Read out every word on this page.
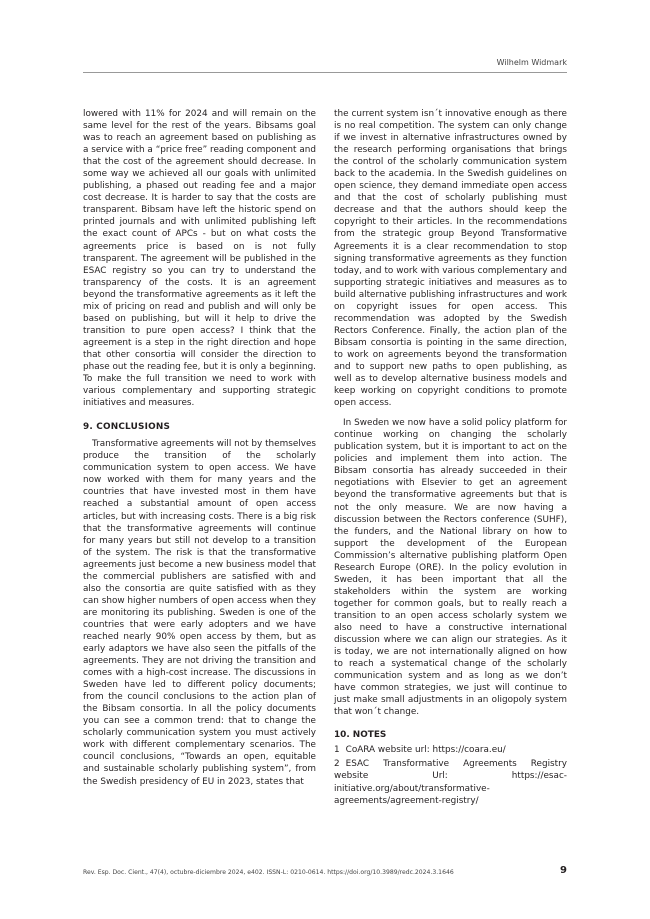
Wilhelm Widmark

lowered with 11% for 2024 and will remain on the same level for the rest of the years. Bibsams goal was to reach an agreement based on publishing as a service with a “price free” reading component and that the cost of the agreement should decrease. In some way we achieved all our goals with unlimited publishing, a phased out reading fee and a major cost decrease. It is harder to say that the costs are transparent. Bibsam have left the historic spend on printed journals and with unlimited publishing left the exact count of APCs - but on what costs the agreements price is based on is not fully transparent. The agreement will be published in the ESAC registry so you can try to understand the transparency of the costs. It is an agreement beyond the transformative agreements as it left the mix of pricing on read and publish and will only be based on publishing, but will it help to drive the transition to pure open access? I think that the agreement is a step in the right direction and hope that other consortia will consider the direction to phase out the reading fee, but it is only a beginning. To make the full transition we need to work with various complementary and supporting strategic initiatives and measures.

9. CONCLUSIONS

Transformative agreements will not by themselves produce the transition of the scholarly communication system to open access. We have now worked with them for many years and the countries that have invested most in them have reached a substantial amount of open access articles, but with increasing costs. There is a big risk that the transformative agreements will continue for many years but still not develop to a transition of the system. The risk is that the transformative agreements just become a new business model that the commercial publishers are satisfied with and also the consortia are quite satisfied with as they can show higher numbers of open access when they are monitoring its publishing. Sweden is one of the countries that were early adopters and we have reached nearly 90% open access by them, but as early adaptors we have also seen the pitfalls of the agreements. They are not driving the transition and comes with a high-cost increase. The discussions in Sweden have led to different policy documents; from the council conclusions to the action plan of the Bibsam consortia. In all the policy documents you can see a common trend: that to change the scholarly communication system you must actively work with different complementary scenarios. The council conclusions, “Towards an open, equitable and sustainable scholarly publishing system”, from the Swedish presidency of EU in 2023, states that

the current system isn´t innovative enough as there is no real competition. The system can only change if we invest in alternative infrastructures owned by the research performing organisations that brings the control of the scholarly communication system back to the academia. In the Swedish guidelines on open science, they demand immediate open access and that the cost of scholarly publishing must decrease and that the authors should keep the copyright to their articles. In the recommendations from the strategic group Beyond Transformative Agreements it is a clear recommendation to stop signing transformative agreements as they function today, and to work with various complementary and supporting strategic initiatives and measures as to build alternative publishing infrastructures and work on copyright issues for open access. This recommendation was adopted by the Swedish Rectors Conference. Finally, the action plan of the Bibsam consortia is pointing in the same direction, to work on agreements beyond the transformation and to support new paths to open publishing, as well as to develop alternative business models and keep working on copyright conditions to promote open access.

In Sweden we now have a solid policy platform for continue working on changing the scholarly publication system, but it is important to act on the policies and implement them into action. The Bibsam consortia has already succeeded in their negotiations with Elsevier to get an agreement beyond the transformative agreements but that is not the only measure. We are now having a discussion between the Rectors conference (SUHF), the funders, and the National library on how to support the development of the European Commission’s alternative publishing platform Open Research Europe (ORE). In the policy evolution in Sweden, it has been important that all the stakeholders within the system are working together for common goals, but to really reach a transition to an open access scholarly system we also need to have a constructive international discussion where we can align our strategies. As it is today, we are not internationally aligned on how to reach a systematical change of the scholarly communication system and as long as we don’t have common strategies, we just will continue to just make small adjustments in an oligopoly system that won´t change.

10. NOTES

1 CoARA website url: https://coara.eu/

2 ESAC Transformative Agreements Registry website Url: https://esac-initiative.org/about/transformative-agreements/agreement-registry/

Rev. Esp. Doc. Cient., 47(4), octubre-diciembre 2024, e402. ISSN-L: 0210-0614. https://doi.org/10.3989/redc.2024.3.1646	9
